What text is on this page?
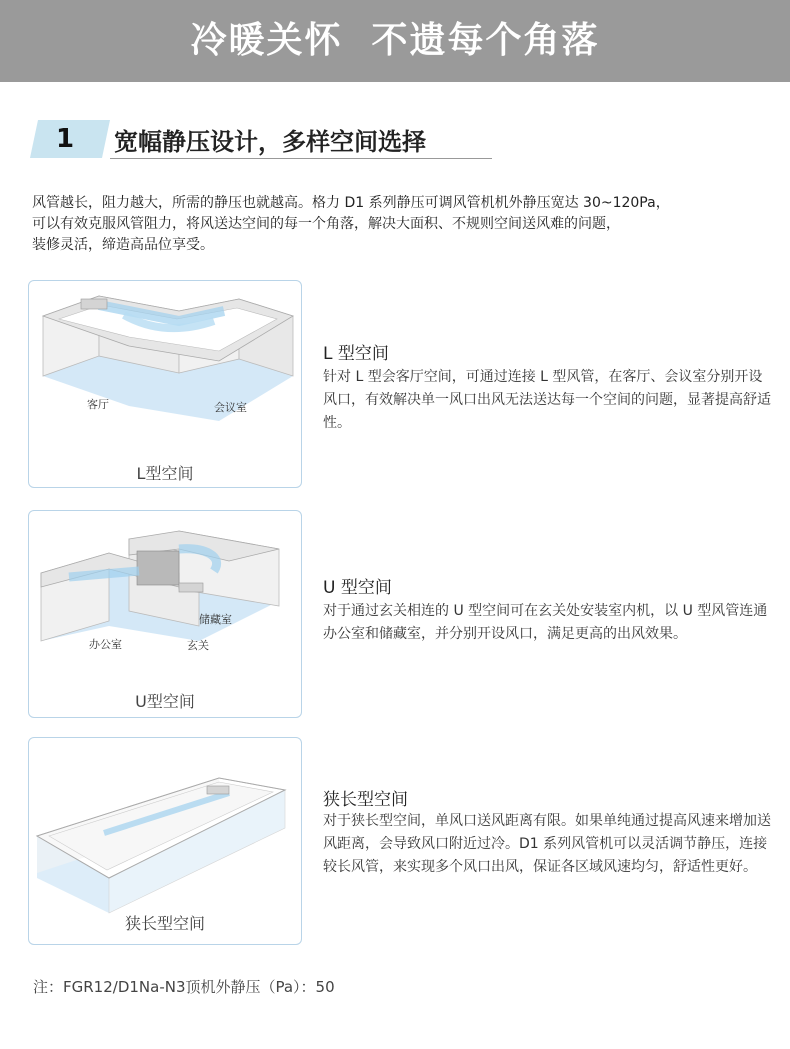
冷暖关怀  不遗每个角落
1	宽幅静压设计，多样空间选择
风管越长，阻力越大，所需的静压也就越高。格力 D1 系列静压可调风管机机外静压宽达 30~120Pa，
可以有效克服风管阻力，将风送达空间的每一个角落，解决大面积、不规则空间送风难的问题，
装修灵活，缔造高品位享受。
客厅	会议室
L型空间
L 型空间
针对 L 型会客厅空间，可通过连接 L 型风管，在客厅、会议室分别开设风口，有效解决单一风口出风无法送达每一个空间的问题，显著提高舒适性。
储藏室
办公室	玄关
U型空间
U 型空间
对于通过玄关相连的 U 型空间可在玄关处安装室内机，以 U 型风管连通办公室和储藏室，并分别开设风口，满足更高的出风效果。
狭长型空间
狭长型空间
对于狭长型空间，单风口送风距离有限。如果单纯通过提高风速来增加送风距离，会导致风口附近过冷。D1 系列风管机可以灵活调节静压，连接较长风管，来实现多个风口出风，保证各区域风速均匀，舒适性更好。
注：FGR12/D1Na-N3顶机外静压（Pa）：50
